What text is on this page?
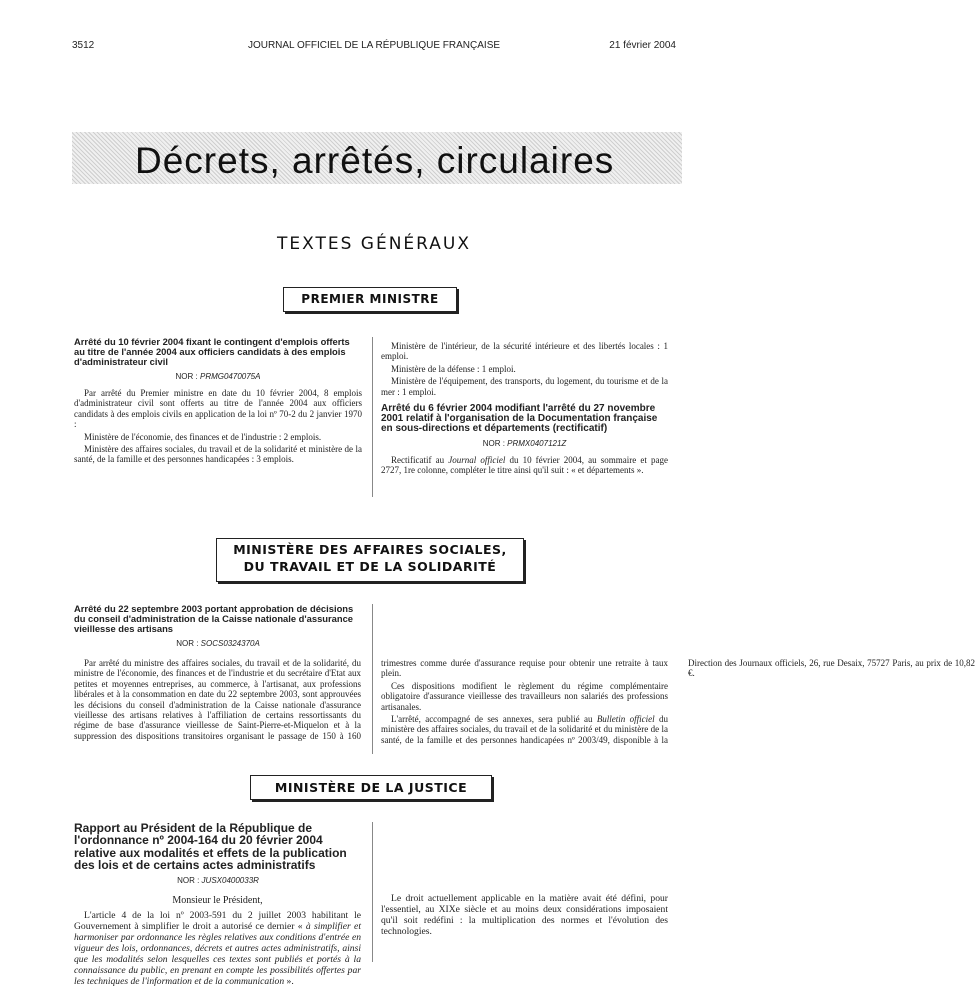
3512	JOURNAL OFFICIEL DE LA RÉPUBLIQUE FRANÇAISE	21 février 2004
Décrets, arrêtés, circulaires
TEXTES GÉNÉRAUX
PREMIER MINISTRE
Arrêté du 10 février 2004 fixant le contingent d'emplois offerts au titre de l'année 2004 aux officiers candidats à des emplois d'administrateur civil
NOR : PRMG0470075A

Par arrêté du Premier ministre en date du 10 février 2004, 8 emplois d'administrateur civil sont offerts au titre de l'année 2004 aux officiers candidats à des emplois civils en application de la loi nº 70-2 du 2 janvier 1970 :

Ministère de l'économie, des finances et de l'industrie : 2 emplois.

Ministère des affaires sociales, du travail et de la solidarité et ministère de la santé, de la famille et des personnes handicapées : 3 emplois.

Ministère de l'intérieur, de la sécurité intérieure et des libertés locales : 1 emploi.

Ministère de la défense : 1 emploi.

Ministère de l'équipement, des transports, du logement, du tourisme et de la mer : 1 emploi.

Arrêté du 6 février 2004 modifiant l'arrêté du 27 novembre 2001 relatif à l'organisation de la Documentation française en sous-directions et départements (rectificatif)
NOR : PRMX0407121Z

Rectificatif au Journal officiel du 10 février 2004, au sommaire et page 2727, 1re colonne, compléter le titre ainsi qu'il suit : « et départements ».

MINISTÈRE DES AFFAIRES SOCIALES,
DU TRAVAIL ET DE LA SOLIDARITÉ
Arrêté du 22 septembre 2003 portant approbation de décisions du conseil d'administration de la Caisse nationale d'assurance vieillesse des artisans
NOR : SOCS0324370A

Par arrêté du ministre des affaires sociales, du travail et de la solidarité, du ministre de l'économie, des finances et de l'industrie et du secrétaire d'Etat aux petites et moyennes entreprises, au commerce, à l'artisanat, aux professions libérales et à la consommation en date du 22 septembre 2003, sont approuvées les décisions du conseil d'administration de la Caisse nationale d'assurance vieillesse des artisans relatives à l'affiliation de certains ressortissants du régime de base d'assurance vieillesse de Saint-Pierre-et-Miquelon et à la suppression des dispositions transitoires organisant le passage de 150 à 160 trimestres comme durée d'assurance requise pour obtenir une retraite à taux plein.

Ces dispositions modifient le règlement du régime complémentaire obligatoire d'assurance vieillesse des travailleurs non salariés des professions artisanales.

L'arrêté, accompagné de ses annexes, sera publié au Bulletin officiel du ministère des affaires sociales, du travail et de la solidarité et du ministère de la santé, de la famille et des personnes handicapées nº 2003/49, disponible à la Direction des Journaux officiels, 26, rue Desaix, 75727 Paris, au prix de 10,82 €.

MINISTÈRE DE LA JUSTICE
Rapport au Président de la République de l'ordonnance nº 2004-164 du 20 février 2004 relative aux modalités et effets de la publication des lois et de certains actes administratifs
NOR : JUSX0400033R

Monsieur le Président,

L'article 4 de la loi nº 2003-591 du 2 juillet 2003 habilitant le Gouvernement à simplifier le droit a autorisé ce dernier « à simplifier et harmoniser par ordonnance les règles relatives aux conditions d'entrée en vigueur des lois, ordonnances, décrets et autres actes administratifs, ainsi que les modalités selon lesquelles ces textes sont publiés et portés à la connaissance du public, en prenant en compte les possibilités offertes par les techniques de l'information et de la communication ».

Le droit actuellement applicable en la matière avait été défini, pour l'essentiel, au XIXe siècle et au moins deux considérations imposaient qu'il soit redéfini : la multiplication des normes et l'évolution des technologies.
